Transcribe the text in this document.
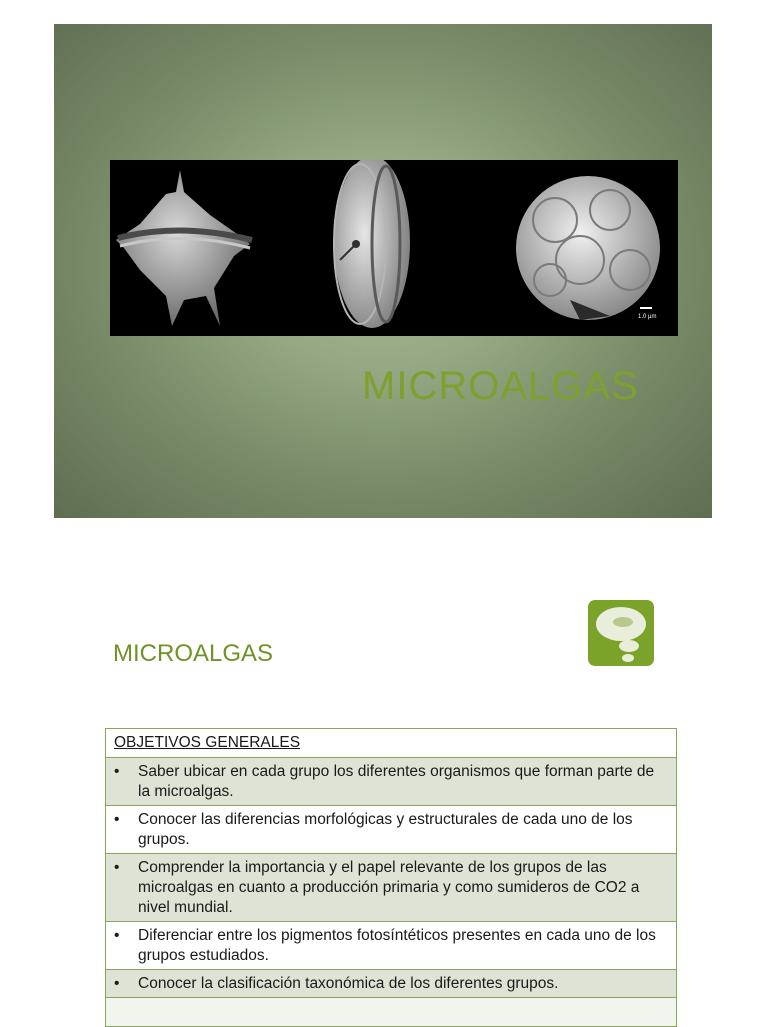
1.0 µm
MICROALGAS
MICROALGAS
OBJETIVOS GENERALES
•	Saber ubicar en cada grupo los diferentes organismos que forman parte de la microalgas.
•	Conocer las diferencias morfológicas y estructurales de cada uno de los grupos.
•	Comprender la importancia y el papel relevante de los grupos de las microalgas en cuanto a producción primaria y como sumideros de CO2 a nivel mundial.
•	Diferenciar entre los pigmentos fotosíntéticos presentes en cada uno de los grupos estudiados.
•	Conocer la clasificación taxonómica de los diferentes grupos.
